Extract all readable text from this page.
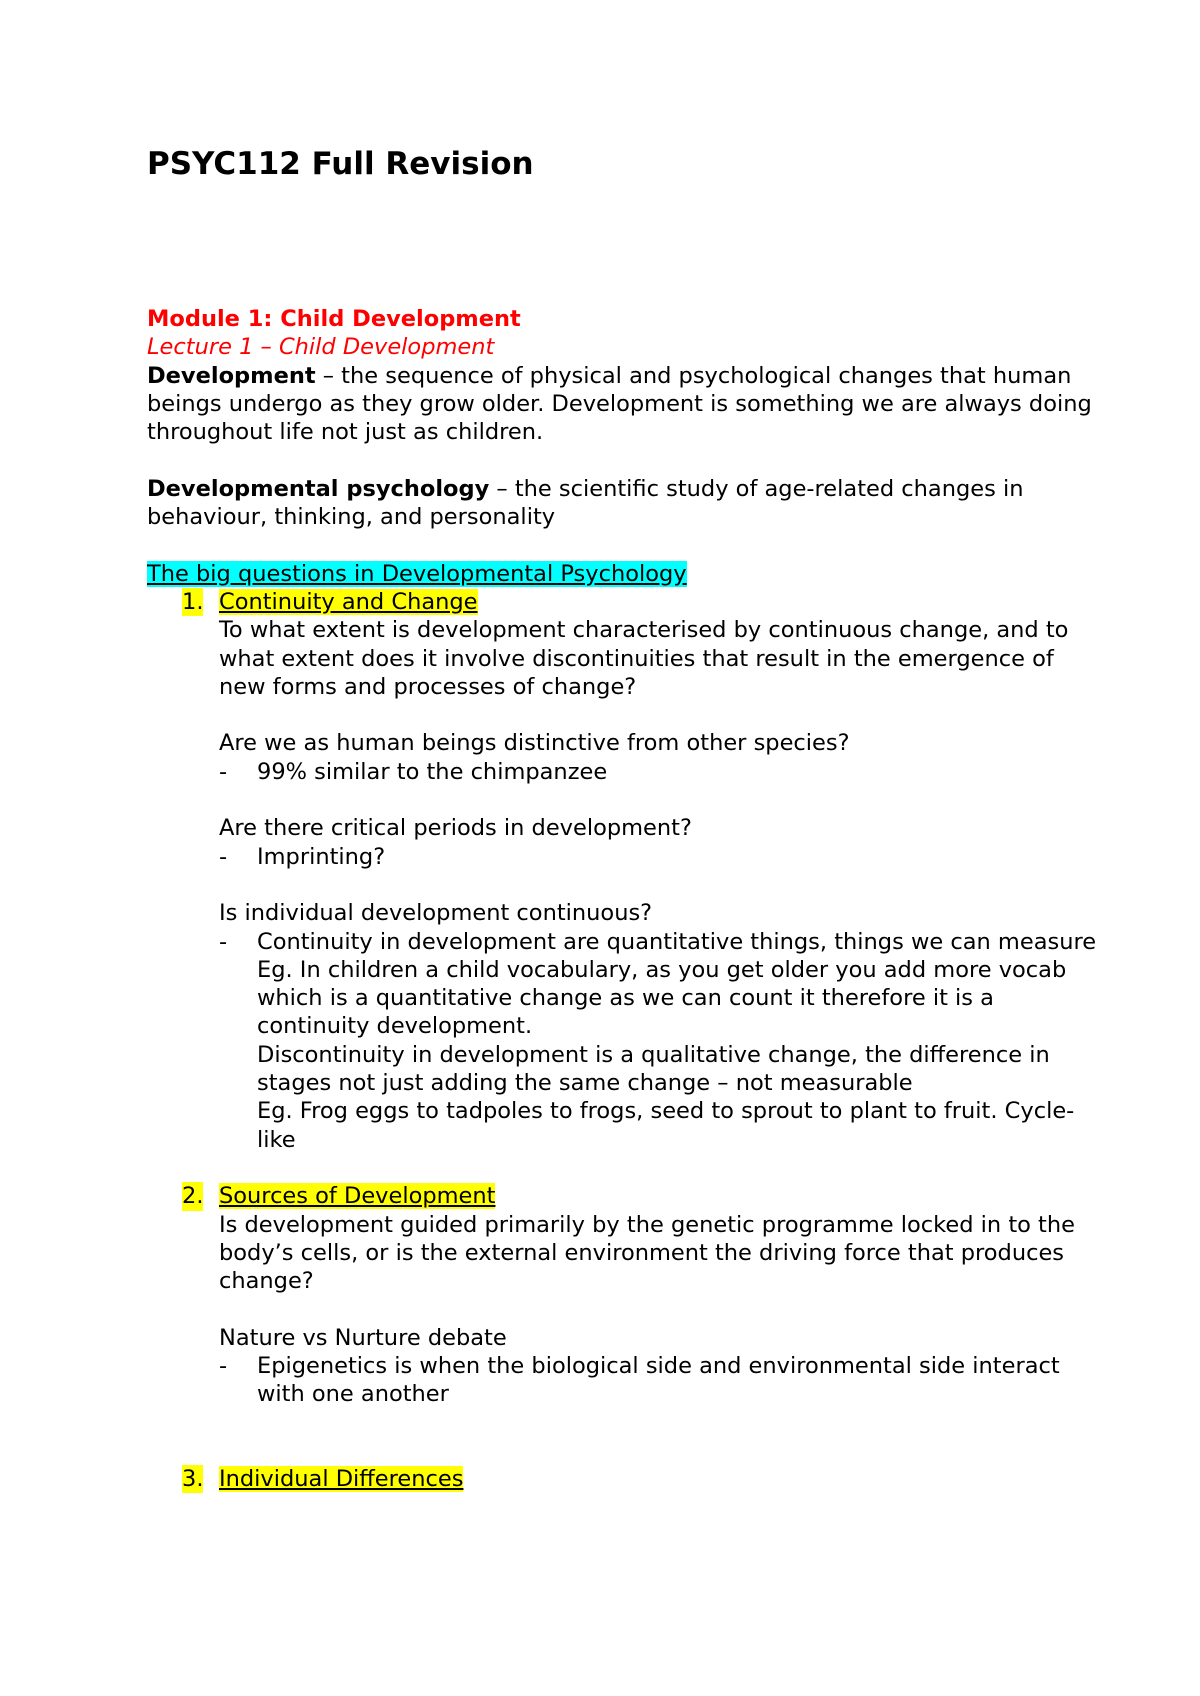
PSYC112 Full Revision
Module 1: Child Development
Lecture 1 – Child Development
Development – the sequence of physical and psychological changes that human beings undergo as they grow older. Development is something we are always doing throughout life not just as children.
Developmental psychology – the scientific study of age-related changes in behaviour, thinking, and personality
The big questions in Developmental Psychology
1. Continuity and Change
To what extent is development characterised by continuous change, and to what extent does it involve discontinuities that result in the emergence of new forms and processes of change?
Are we as human beings distinctive from other species?
- 99% similar to the chimpanzee
Are there critical periods in development?
- Imprinting?
Is individual development continuous?
- Continuity in development are quantitative things, things we can measure
Eg. In children a child vocabulary, as you get older you add more vocab which is a quantitative change as we can count it therefore it is a continuity development.
Discontinuity in development is a qualitative change, the difference in stages not just adding the same change – not measurable
Eg. Frog eggs to tadpoles to frogs, seed to sprout to plant to fruit. Cycle-like
2. Sources of Development
Is development guided primarily by the genetic programme locked in to the body’s cells, or is the external environment the driving force that produces change?
Nature vs Nurture debate
- Epigenetics is when the biological side and environmental side interact with one another
3. Individual Differences
